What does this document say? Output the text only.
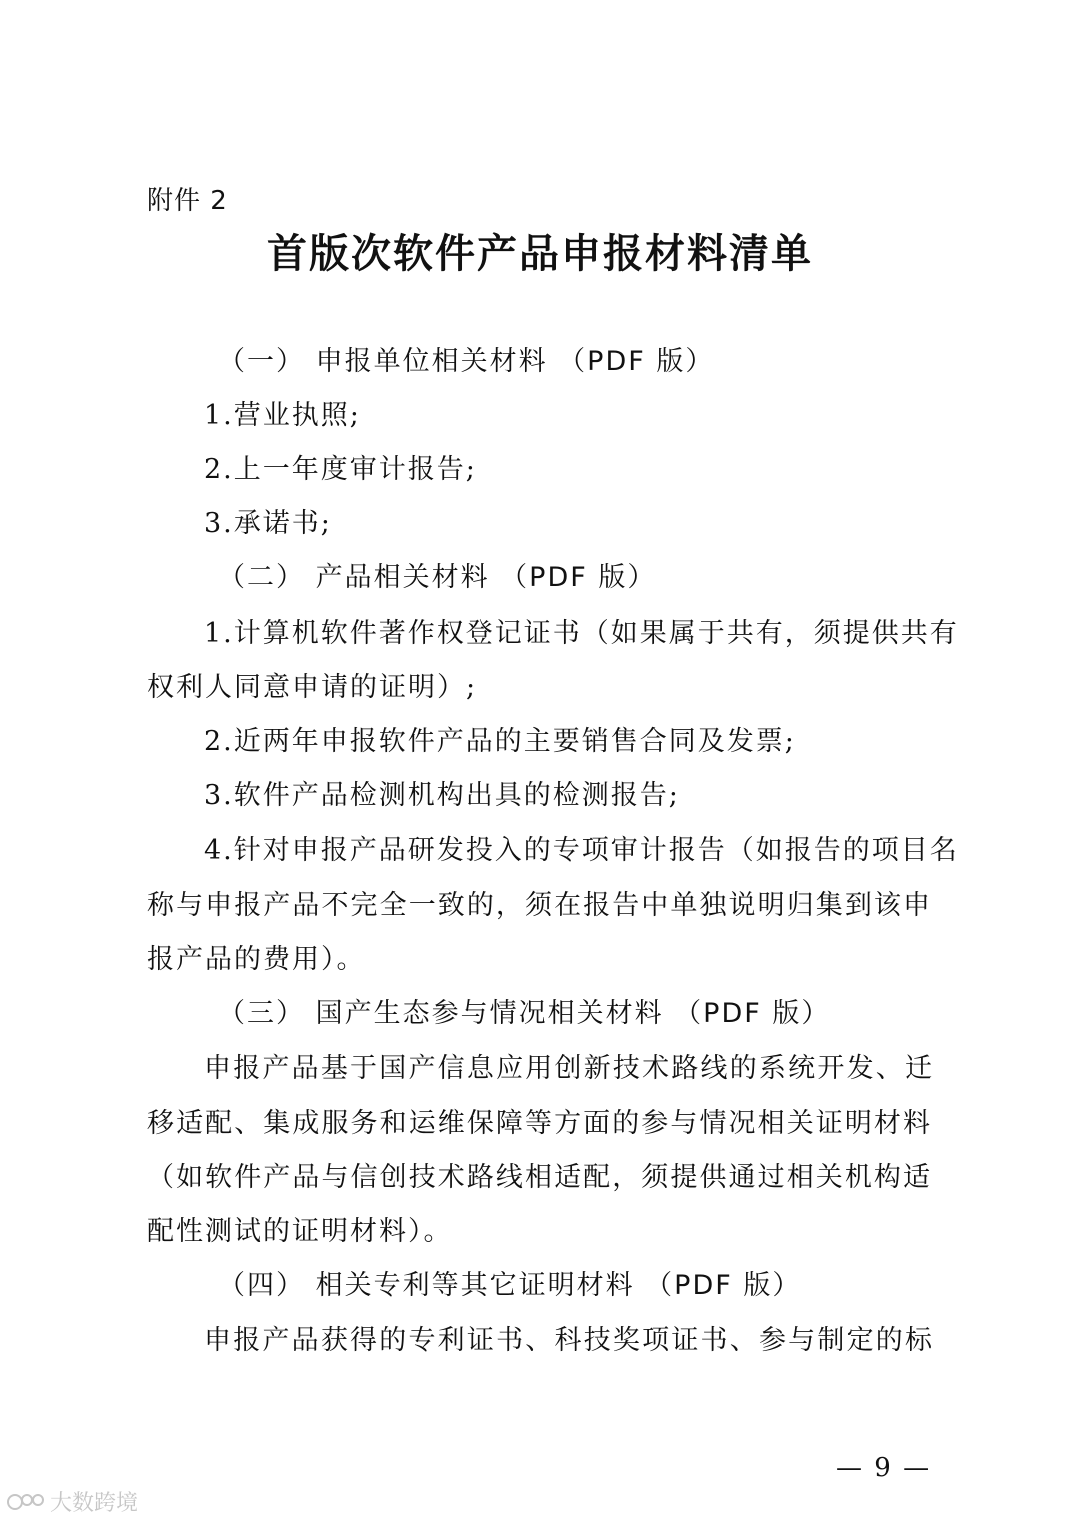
附件 2
首版次软件产品申报材料清单
（一） 申报单位相关材料 （PDF 版）
1.营业执照;
2.上一年度审计报告;
3.承诺书;
（二） 产品相关材料 （PDF 版）
1.计算机软件著作权登记证书（如果属于共有，须提供共有
权利人同意申请的证明）;
2.近两年申报软件产品的主要销售合同及发票;
3.软件产品检测机构出具的检测报告;
4.针对申报产品研发投入的专项审计报告（如报告的项目名
称与申报产品不完全一致的，须在报告中单独说明归集到该申
报产品的费用）。
（三） 国产生态参与情况相关材料 （PDF 版）
申报产品基于国产信息应用创新技术路线的系统开发、迁
移适配、集成服务和运维保障等方面的参与情况相关证明材料
（如软件产品与信创技术路线相适配，须提供通过相关机构适
配性测试的证明材料）。
（四） 相关专利等其它证明材料 （PDF 版）
申报产品获得的专利证书、科技奖项证书、参与制定的标
— 9 —
大数跨境
